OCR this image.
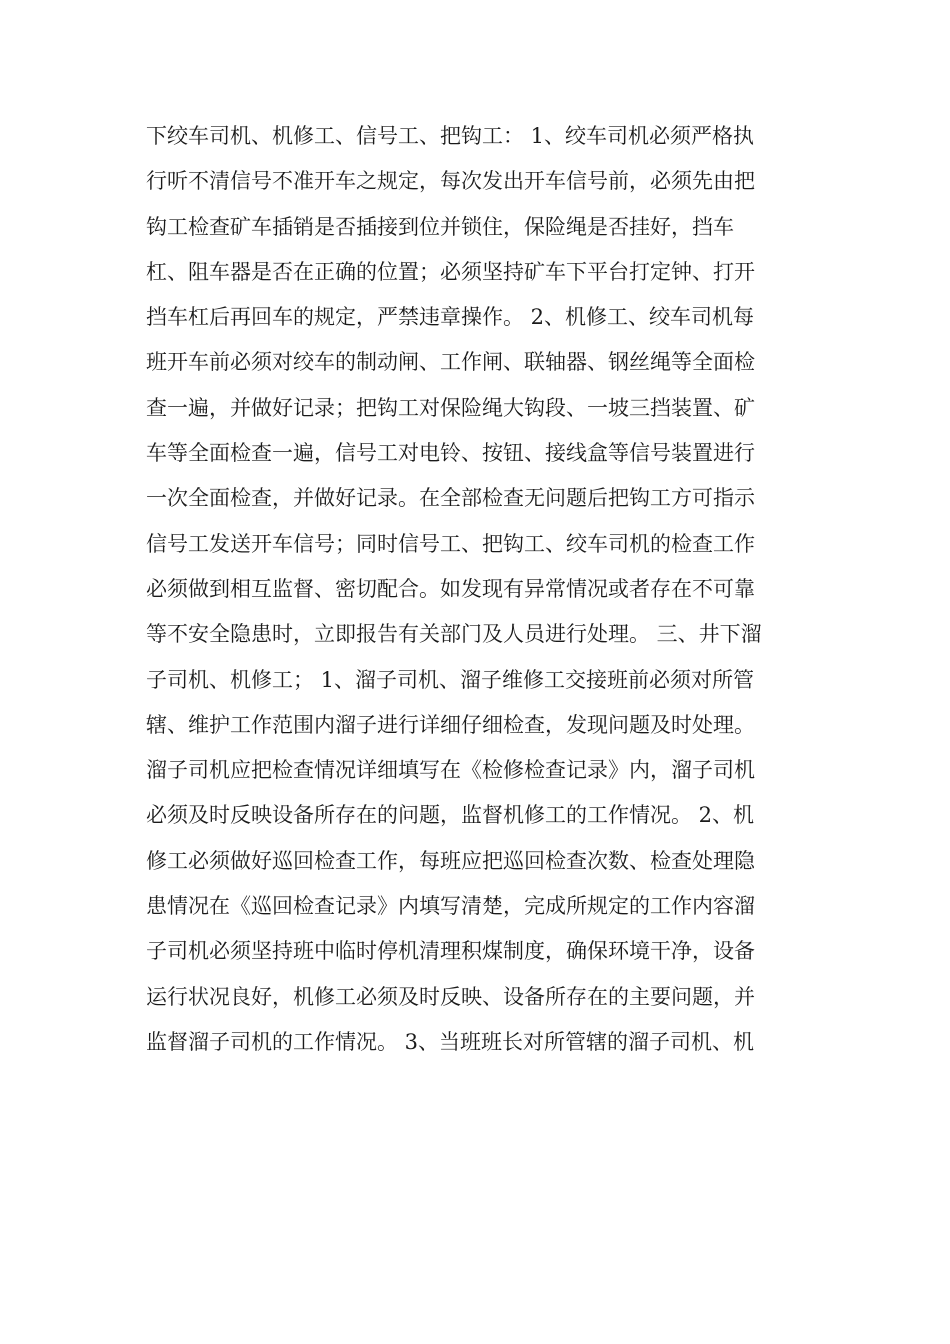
下绞车司机、机修工、信号工、把钩工： 1、绞车司机必须严格执
行听不清信号不准开车之规定，每次发出开车信号前，必须先由把
钩工检查矿车插销是否插接到位并锁住，保险绳是否挂好，挡车
杠、阻车器是否在正确的位置；必须坚持矿车下平台打定钟、打开
挡车杠后再回车的规定，严禁违章操作。 2、机修工、绞车司机每
班开车前必须对绞车的制动闸、工作闸、联轴器、钢丝绳等全面检
查一遍，并做好记录；把钩工对保险绳大钩段、一坡三挡装置、矿
车等全面检查一遍，信号工对电铃、按钮、接线盒等信号装置进行
一次全面检查，并做好记录。在全部检查无问题后把钩工方可指示
信号工发送开车信号；同时信号工、把钩工、绞车司机的检查工作
必须做到相互监督、密切配合。如发现有异常情况或者存在不可靠
等不安全隐患时，立即报告有关部门及人员进行处理。 三、井下溜
子司机、机修工； 1、溜子司机、溜子维修工交接班前必须对所管
辖、维护工作范围内溜子进行详细仔细检查，发现问题及时处理。
溜子司机应把检查情况详细填写在《检修检查记录》内，溜子司机
必须及时反映设备所存在的问题，监督机修工的工作情况。 2、机
修工必须做好巡回检查工作，每班应把巡回检查次数、检查处理隐
患情况在《巡回检查记录》内填写清楚，完成所规定的工作内容溜
子司机必须坚持班中临时停机清理积煤制度，确保环境干净，设备
运行状况良好，机修工必须及时反映、设备所存在的主要问题，并
监督溜子司机的工作情况。 3、当班班长对所管辖的溜子司机、机
